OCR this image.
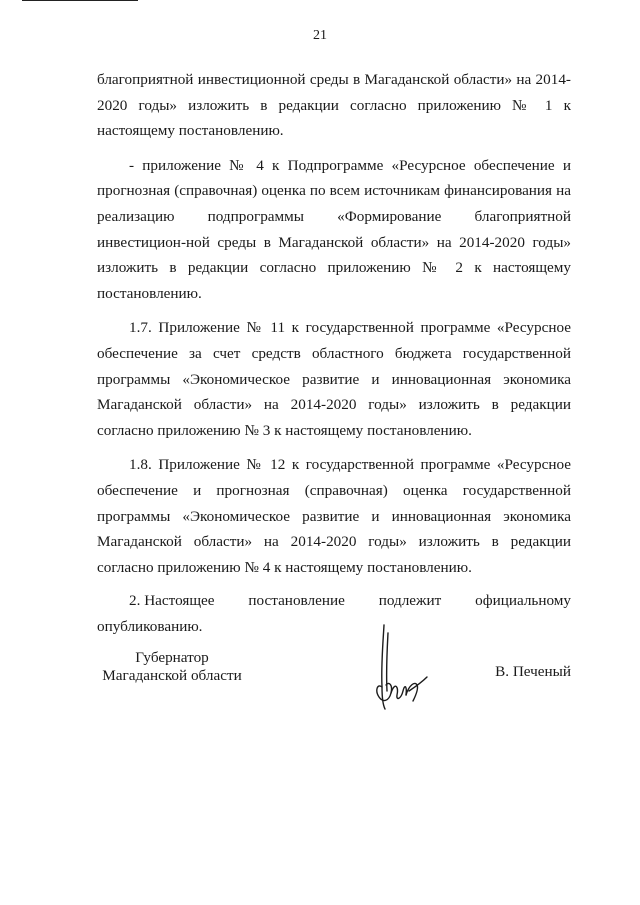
21

благоприятной инвестиционной среды в Магаданской области» на 2014-2020 годы» изложить в редакции согласно приложению № 1 к настоящему постановлению.

- приложение № 4 к Подпрограмме «Ресурсное обеспечение и прогнозная (справочная) оценка по всем источникам финансирования на реализацию подпрограммы «Формирование благоприятной инвестицион-ной среды в Магаданской области» на 2014-2020 годы» изложить в редакции согласно приложению № 2 к настоящему постановлению.

1.7. Приложение № 11 к государственной программе «Ресурсное обеспечение за счет средств областного бюджета государственной программы «Экономическое развитие и инновационная экономика Магаданской области» на 2014-2020 годы» изложить в редакции согласно приложению № 3 к настоящему постановлению.

1.8. Приложение № 12 к государственной программе «Ресурсное обеспечение и прогнозная (справочная) оценка государственной программы «Экономическое развитие и инновационная экономика Магаданской области» на 2014-2020 годы» изложить в редакции согласно приложению № 4 к настоящему постановлению.

2. Настоящее постановление подлежит официальному

опубликованию.

Губернатор
Магаданской области	В. Печеный
